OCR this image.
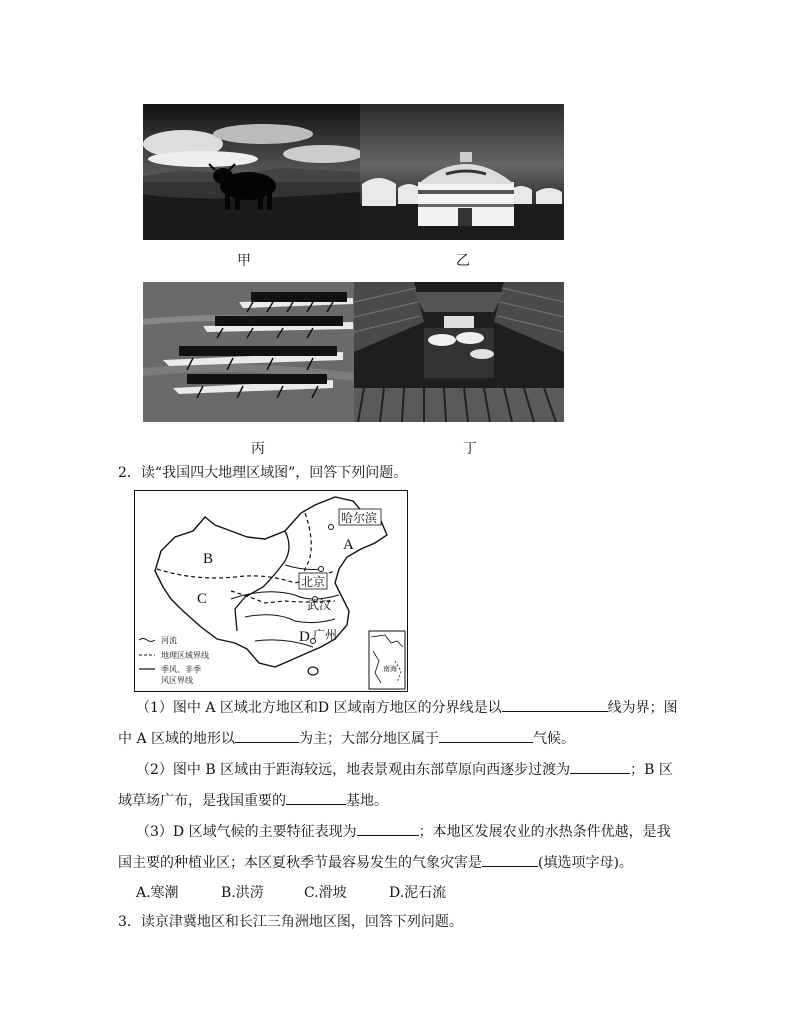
甲	乙
丙	丁
2．读“我国四大地理区域图”，回答下列问题。
哈尔滨
北京
武汉
广州
A
B
C
D
河流
地理区域界线
季风、非季
风区界线
南海
（1）图中 A 区域北方地区和D 区域南方地区的分界线是以	线为界；图
中 A 区域的地形以	为主；大部分地区属于	气候。
（2）图中 B 区域由于距海较远，地表景观由东部草原向西逐步过渡为	；B 区
域草场广布，是我国重要的	基地。
（3）D 区域气候的主要特征表现为	；本地区发展农业的水热条件优越，是我
国主要的种植业区；本区夏秋季节最容易发生的气象灾害是	(填选项字母)。
A.寒潮	B.洪涝	C.滑坡	D.泥石流
3．读京津冀地区和长江三角洲地区图，回答下列问题。
